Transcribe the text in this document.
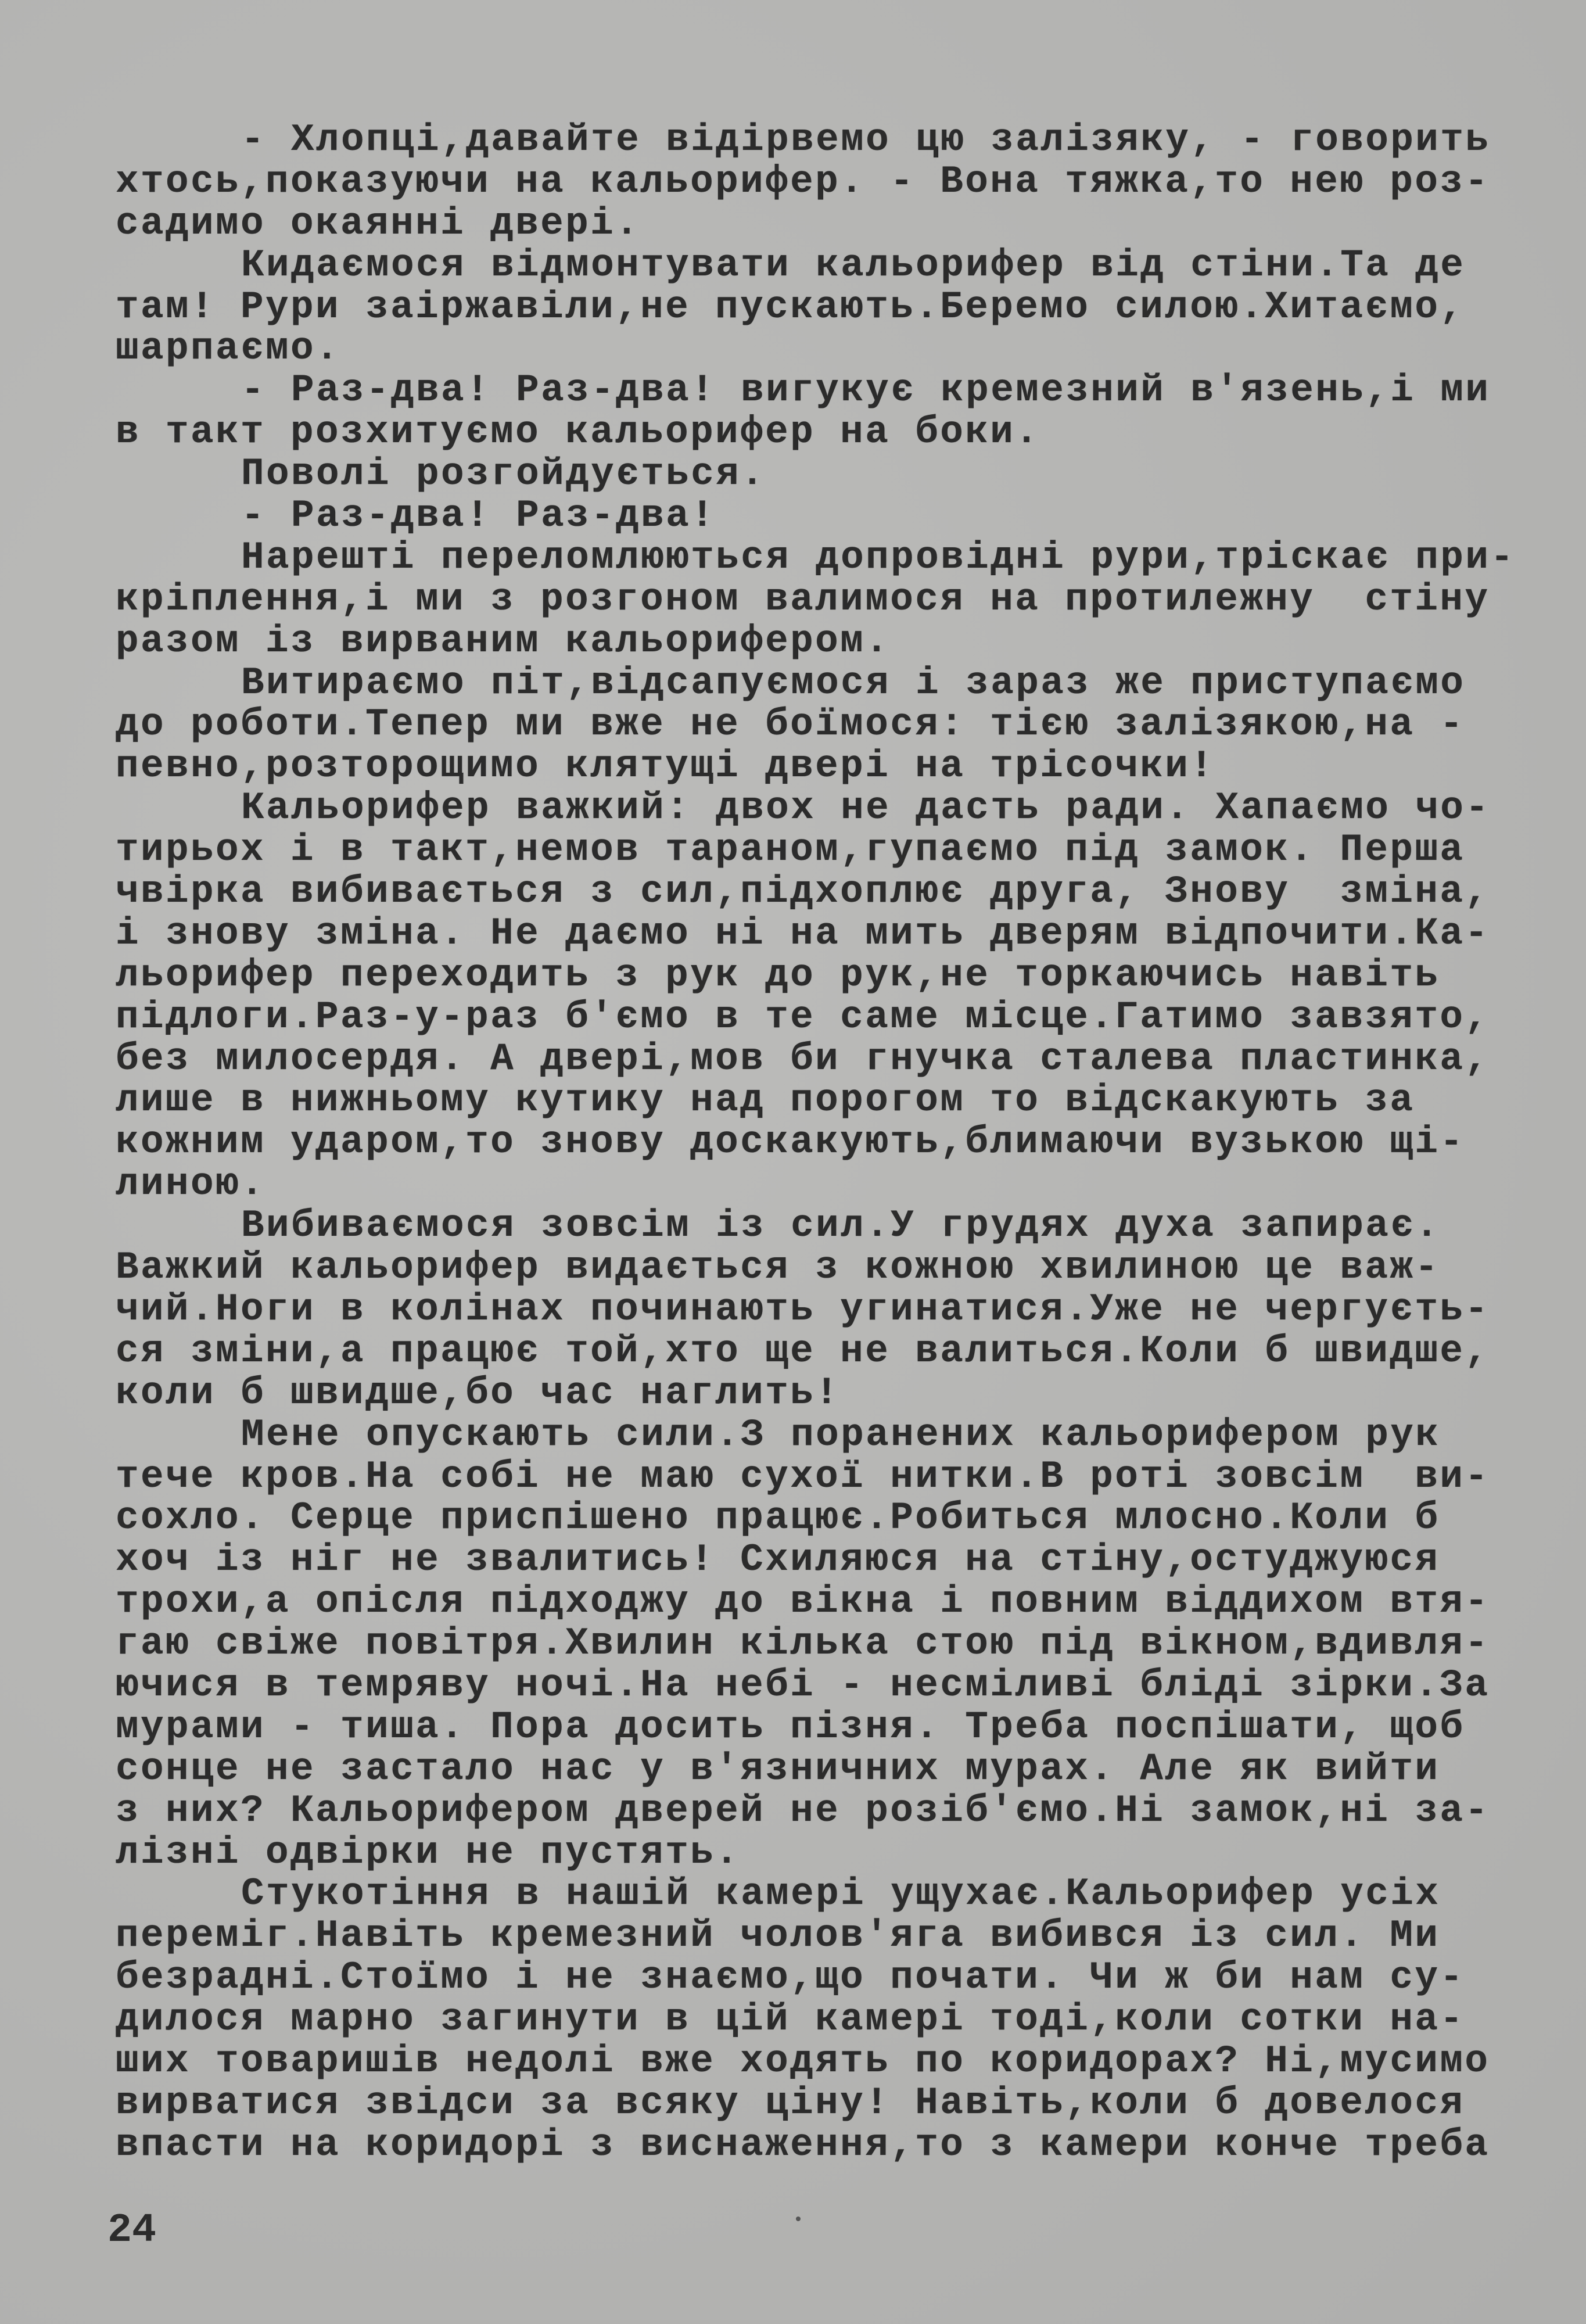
- Хлопці,давайте відірвемо цю залізяку, - говорить
хтось,показуючи на кальорифер. - Вона тяжка,то нею роз-
садимо окаянні двері.
Кидаємося відмонтувати кальорифер від стіни.Та де
там! Рури заіржавіли,не пускають.Беремо силою.Хитаємо,
шарпаємо.
- Раз-два! Раз-два! вигукує кремезний в'язень,і ми
в такт розхитуємо кальорифер на боки.
Поволі розгойдується.
- Раз-два! Раз-два!
Нарешті переломлюються допровідні рури,тріскає при-
кріплення,і ми з розгоном валимося на протилежну  стіну
разом із вирваним кальорифером.
Витираємо піт,відсапуємося і зараз же приступаємо
до роботи.Тепер ми вже не боїмося: тією залізякою,на -
певно,розторощимо клятущі двері на трісочки!
Кальорифер важкий: двох не дасть ради. Хапаємо чо-
тирьох і в такт,немов тараном,гупаємо під замок. Перша
чвірка вибивається з сил,підхоплює друга, Знову  зміна,
і знову зміна. Не даємо ні на мить дверям відпочити.Ка-
льорифер переходить з рук до рук,не торкаючись навіть
підлоги.Раз-у-раз б'ємо в те саме місце.Гатимо завзято,
без милосердя. А двері,мов би гнучка сталева пластинка,
лише в нижньому кутику над порогом то відскакують за
кожним ударом,то знову доскакують,блимаючи вузькою щі-
линою.
Вибиваємося зовсім із сил.У грудях духа запирає.
Важкий кальорифер видається з кожною хвилиною це важ-
чий.Ноги в колінах починають угинатися.Уже не чергуєть-
ся зміни,а працює той,хто ще не валиться.Коли б швидше,
коли б швидше,бо час наглить!
Мене опускають сили.З поранених кальорифером рук
тече кров.На собі не маю сухої нитки.В роті зовсім  ви-
сохло. Серце приспішено працює.Робиться млосно.Коли б
хоч із ніг не звалитись! Схиляюся на стіну,остуджуюся
трохи,а опісля підходжу до вікна і повним віддихом втя-
гаю свіже повітря.Хвилин кілька стою під вікном,вдивля-
ючися в темряву ночі.На небі - несміливі бліді зірки.За
мурами - тиша. Пора досить пізня. Треба поспішати, щоб
сонце не застало нас у в'язничних мурах. Але як вийти
з них? Кальорифером дверей не розіб'ємо.Ні замок,ні за-
лізні одвірки не пустять.
Стукотіння в нашій камері ущухає.Кальорифер усіх
переміг.Навіть кремезний чолов'яга вибився із сил. Ми
безрадні.Стоїмо і не знаємо,що почати. Чи ж би нам су-
дилося марно загинути в цій камері тоді,коли сотки на-
ших товаришів недолі вже ходять по коридорах? Ні,мусимо
вирватися звідси за всяку ціну! Навіть,коли б довелося
впасти на коридорі з виснаження,то з камери конче треба
24
